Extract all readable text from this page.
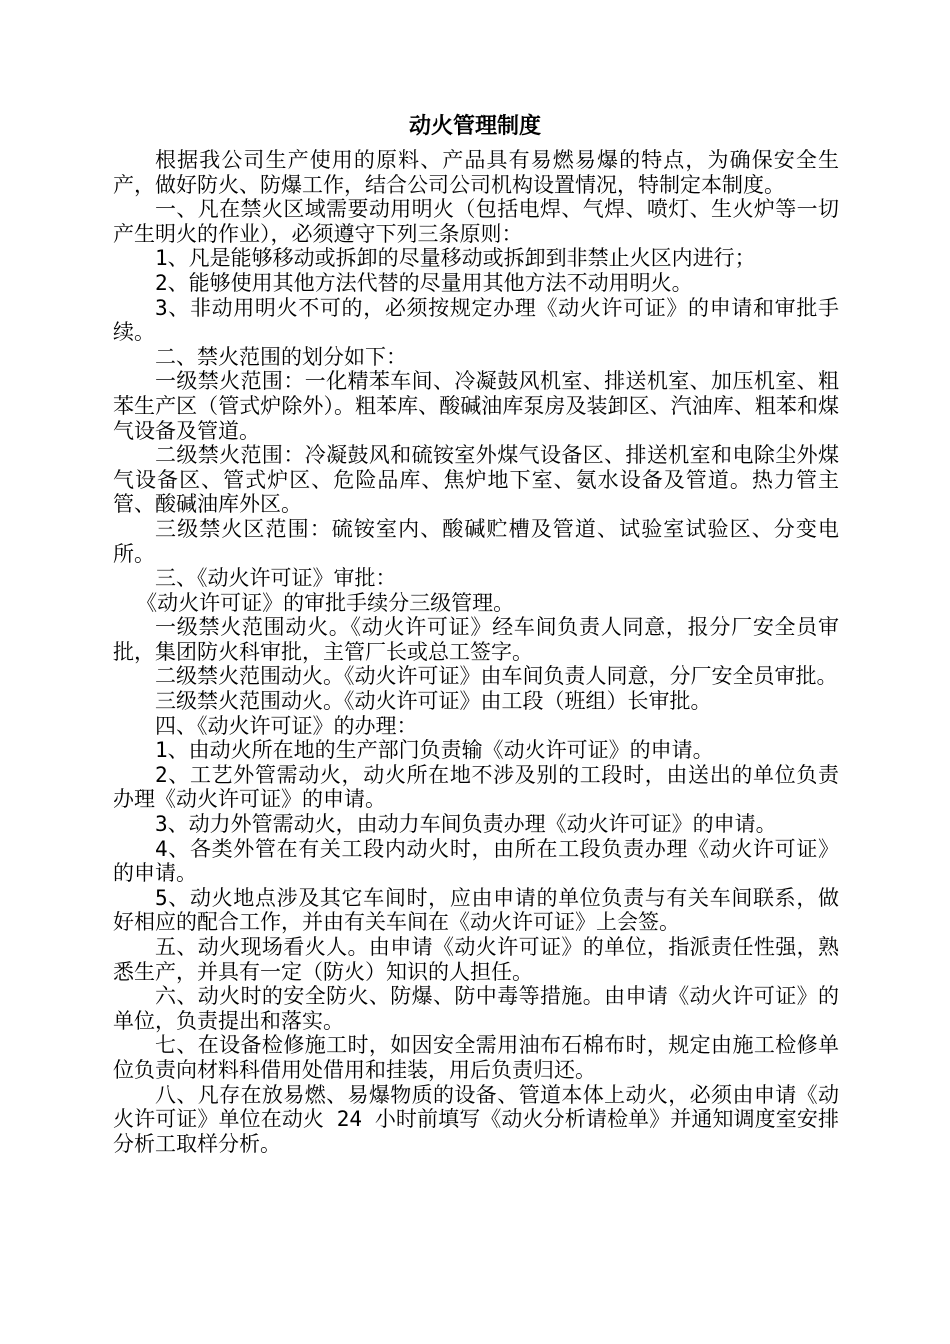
动火管理制度

根据我公司生产使用的原料、产品具有易燃易爆的特点，为确保安全生产，做好防火、防爆工作，结合公司公司机构设置情况，特制定本制度。

一、凡在禁火区域需要动用明火（包括电焊、气焊、喷灯、生火炉等一切产生明火的作业），必须遵守下列三条原则：

1、凡是能够移动或拆卸的尽量移动或拆卸到非禁止火区内进行；

2、能够使用其他方法代替的尽量用其他方法不动用明火。

3、非动用明火不可的，必须按规定办理《动火许可证》的申请和审批手续。

二、禁火范围的划分如下：

一级禁火范围：一化精苯车间、冷凝鼓风机室、排送机室、加压机室、粗苯生产区（管式炉除外）。粗苯库、酸碱油库泵房及装卸区、汽油库、粗苯和煤气设备及管道。

二级禁火范围：冷凝鼓风和硫铵室外煤气设备区、排送机室和电除尘外煤气设备区、管式炉区、危险品库、焦炉地下室、氨水设备及管道。热力管主管、酸碱油库外区。

三级禁火区范围：硫铵室内、酸碱贮槽及管道、试验室试验区、分变电所。

三、《动火许可证》审批：

《动火许可证》的审批手续分三级管理。

一级禁火范围动火。《动火许可证》经车间负责人同意，报分厂安全员审批，集团防火科审批，主管厂长或总工签字。

二级禁火范围动火。《动火许可证》由车间负责人同意，分厂安全员审批。

三级禁火范围动火。《动火许可证》由工段（班组）长审批。

四、《动火许可证》的办理：

1、由动火所在地的生产部门负责输《动火许可证》的申请。

2、工艺外管需动火，动火所在地不涉及别的工段时，由送出的单位负责办理《动火许可证》的申请。

3、动力外管需动火，由动力车间负责办理《动火许可证》的申请。

4、各类外管在有关工段内动火时，由所在工段负责办理《动火许可证》的申请。

5、动火地点涉及其它车间时，应由申请的单位负责与有关车间联系，做好相应的配合工作，并由有关车间在《动火许可证》上会签。

五、动火现场看火人。由申请《动火许可证》的单位，指派责任性强，熟悉生产，并具有一定（防火）知识的人担任。

六、动火时的安全防火、防爆、防中毒等措施。由申请《动火许可证》的单位，负责提出和落实。

七、在设备检修施工时，如因安全需用油布石棉布时，规定由施工检修单位负责向材料科借用处借用和挂装，用后负责归还。

八、凡存在放易燃、易爆物质的设备、管道本体上动火，必须由申请《动火许可证》单位在动火 24 小时前填写《动火分析请检单》并通知调度室安排分析工取样分析。
